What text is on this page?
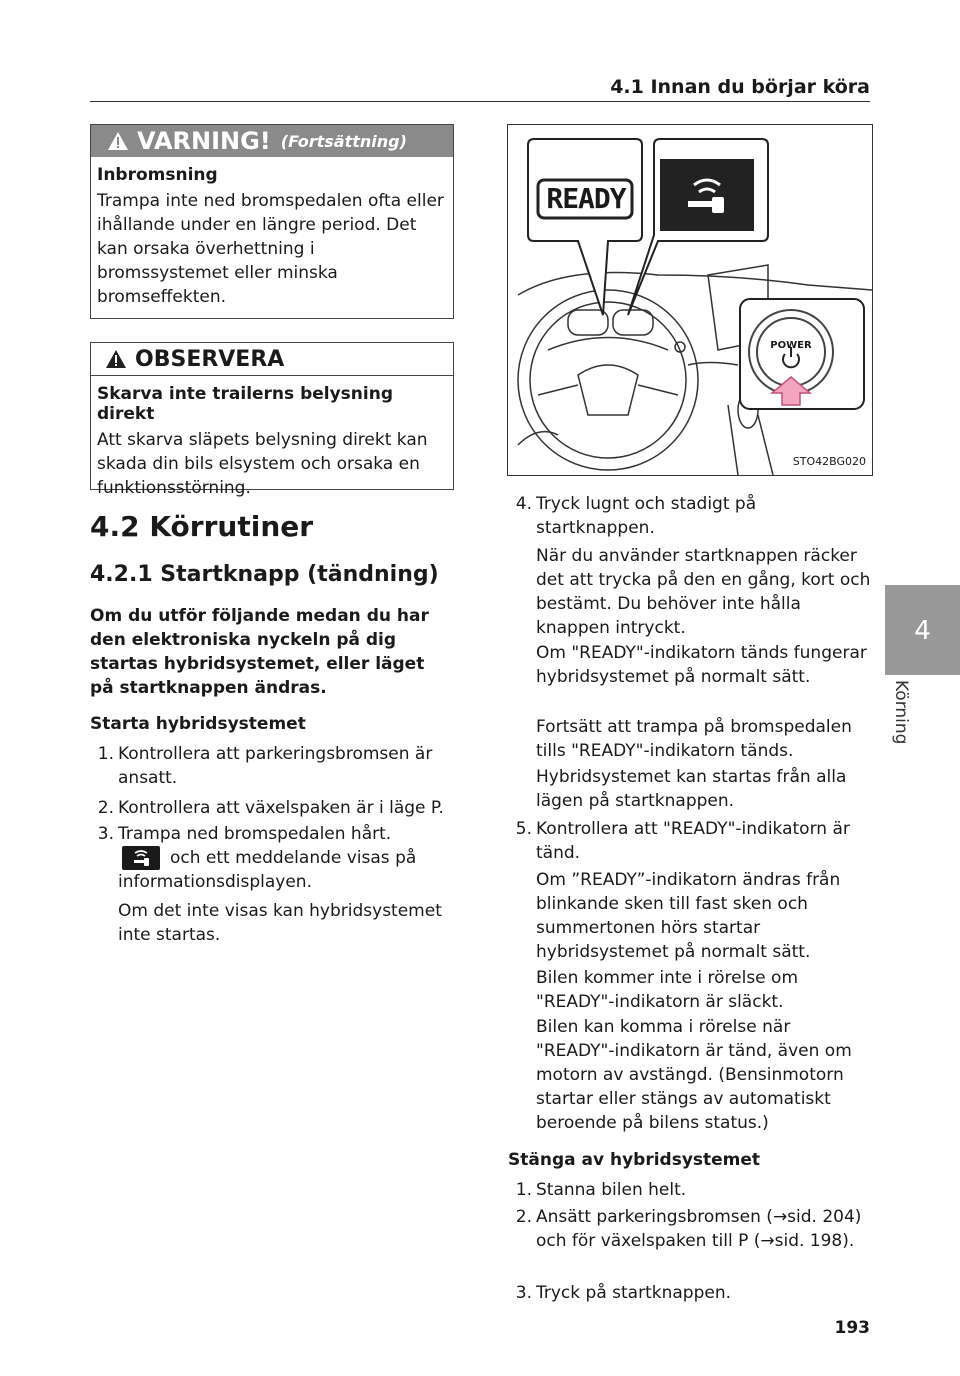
4.1 Innan du börjar köra
4
Körning
VARNING! (Fortsättning)
Inbromsning
Trampa inte ned bromspedalen ofta eller ihållande under en längre period. Det kan orsaka överhettning i bromssystemet eller minska bromseffekten.
OBSERVERA
Skarva inte trailerns belysning direkt
Att skarva släpets belysning direkt kan skada din bils elsystem och orsaka en funktionsstörning.
4.2 Körrutiner
4.2.1 Startknapp (tändning)
Om du utför följande medan du har den elektroniska nyckeln på dig startas hybridsystemet, eller läget på startknappen ändras.
Starta hybridsystemet
1. Kontrollera att parkeringsbromsen är ansatt.
2. Kontrollera att växelspaken är i läge P.
3. Trampa ned bromspedalen hårt.
och ett meddelande visas på informationsdisplayen.
Om det inte visas kan hybridsystemet inte startas.
READY
POWER
STO42BG020
4. Tryck lugnt och stadigt på startknappen.
När du använder startknappen räcker det att trycka på den en gång, kort och bestämt. Du behöver inte hålla knappen intryckt.
Om "READY"-indikatorn tänds fungerar hybridsystemet på normalt sätt.
Fortsätt att trampa på bromspedalen tills "READY"-indikatorn tänds.
Hybridsystemet kan startas från alla lägen på startknappen.
5. Kontrollera att "READY"-indikatorn är tänd.
Om ”READY”-indikatorn ändras från blinkande sken till fast sken och summertonen hörs startar hybridsystemet på normalt sätt.
Bilen kommer inte i rörelse om "READY"-indikatorn är släckt.
Bilen kan komma i rörelse när "READY"-indikatorn är tänd, även om motorn av avstängd. (Bensinmotorn startar eller stängs av automatiskt beroende på bilens status.)
Stänga av hybridsystemet
1. Stanna bilen helt.
2. Ansätt parkeringsbromsen (→sid. 204) och för växelspaken till P (→sid. 198).
3. Tryck på startknappen.
193
